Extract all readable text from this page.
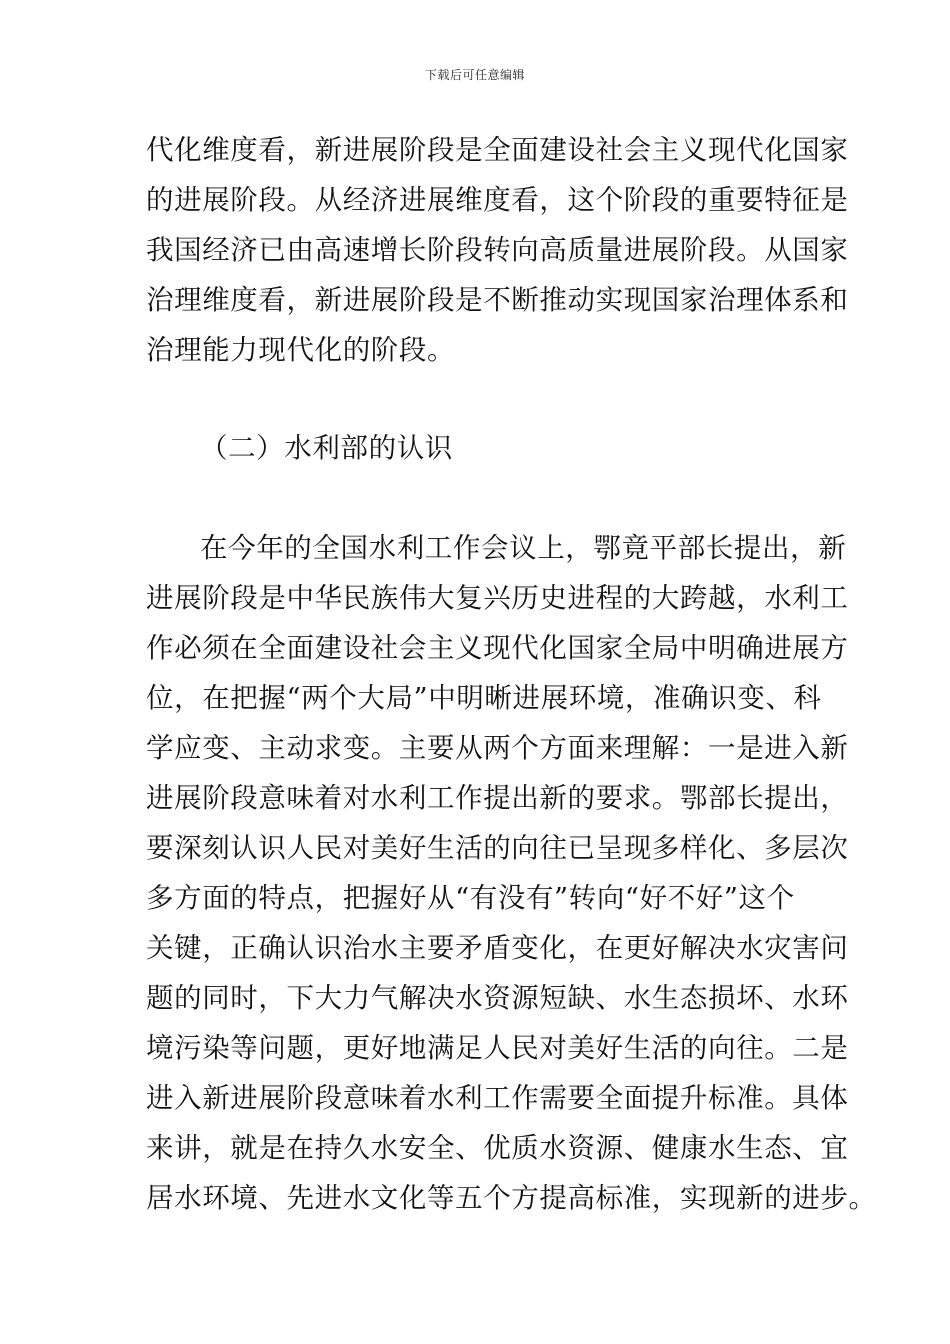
下载后可任意编辑
代化维度看，新进展阶段是全面建设社会主义现代化国家
的进展阶段。从经济进展维度看，这个阶段的重要特征是
我国经济已由高速增长阶段转向高质量进展阶段。从国家
治理维度看，新进展阶段是不断推动实现国家治理体系和
治理能力现代化的阶段。
（二）水利部的认识
在今年的全国水利工作会议上，鄂竟平部长提出，新
进展阶段是中华民族伟大复兴历史进程的大跨越，水利工
作必须在全面建设社会主义现代化国家全局中明确进展方
位，在把握“两个大局”中明晰进展环境，准确识变、科
学应变、主动求变。主要从两个方面来理解：一是进入新
进展阶段意味着对水利工作提出新的要求。鄂部长提出，
要深刻认识人民对美好生活的向往已呈现多样化、多层次
多方面的特点，把握好从“有没有”转向“好不好”这个
关键，正确认识治水主要矛盾变化，在更好解决水灾害问
题的同时，下大力气解决水资源短缺、水生态损坏、水环
境污染等问题，更好地满足人民对美好生活的向往。二是
进入新进展阶段意味着水利工作需要全面提升标准。具体
来讲，就是在持久水安全、优质水资源、健康水生态、宜
居水环境、先进水文化等五个方提高标准，实现新的进步。
